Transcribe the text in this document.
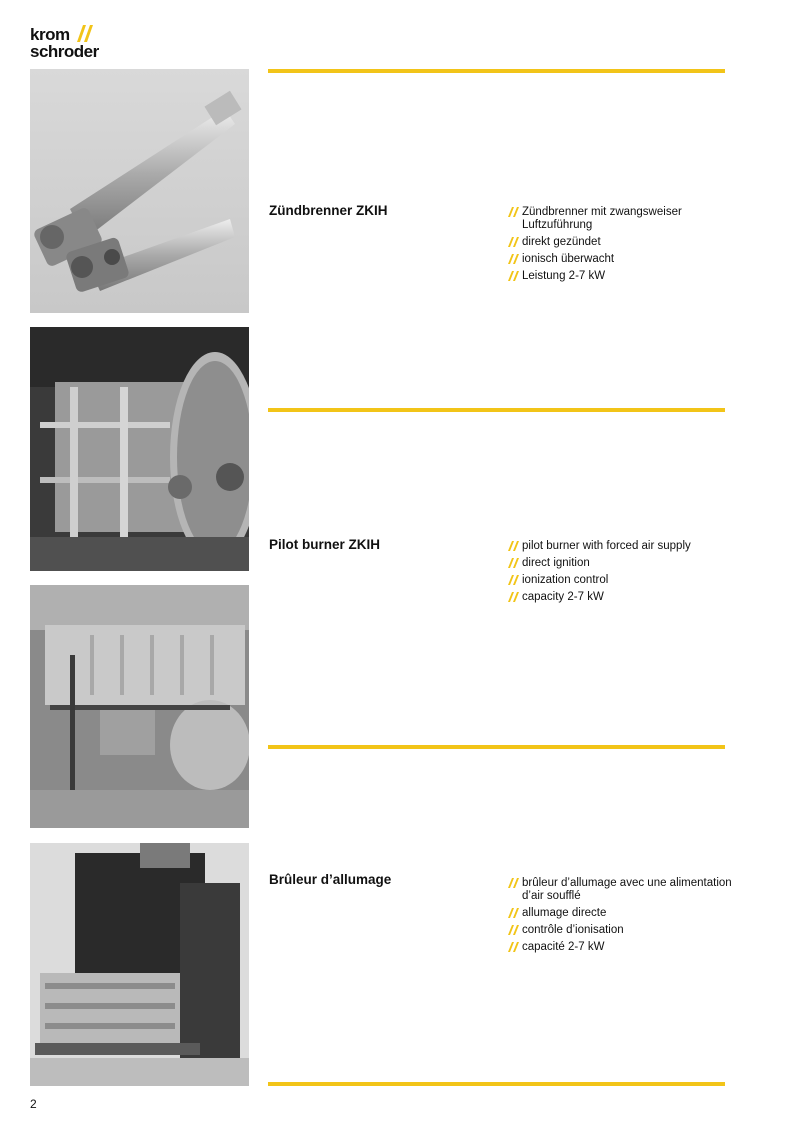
krom
schroder
Zündbrenner ZKIH	Zündbrenner mit zwangsweiser Luftzuführung
direkt gezündet
ionisch überwacht
Leistung 2-7 kW
Pilot burner ZKIH	pilot burner with forced air supply
direct ignition
ionization control
capacity 2-7 kW
Brûleur d’allumage	brûleur d’allumage avec une alimentation d’air soufflé
allumage directe
contrôle d’ionisation
capacité 2-7 kW
2
